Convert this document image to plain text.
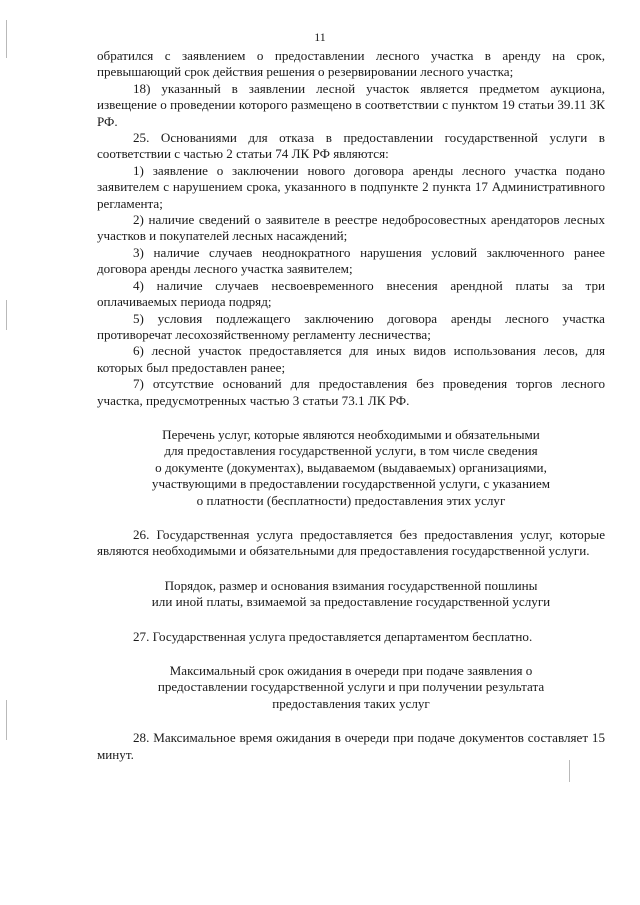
11

обратился с заявлением о предоставлении лесного участка в аренду на срок, превышающий срок действия решения о резервировании лесного участка;

18) указанный в заявлении лесной участок является предметом аукциона, извещение о проведении которого размещено в соответствии с пунктом 19 статьи 39.11 ЗК РФ.

25. Основаниями для отказа в предоставлении государственной услуги в соответствии с частью 2 статьи 74 ЛК РФ являются:

1) заявление о заключении нового договора аренды лесного участка подано заявителем с нарушением срока, указанного в подпункте 2 пункта 17 Административного регламента;

2) наличие сведений о заявителе в реестре недобросовестных арендаторов лесных участков и покупателей лесных насаждений;

3) наличие случаев неоднократного нарушения условий заключенного ранее договора аренды лесного участка заявителем;

4) наличие случаев несвоевременного внесения арендной платы за три оплачиваемых периода подряд;

5) условия подлежащего заключению договора аренды лесного участка противоречат лесохозяйственному регламенту лесничества;

6) лесной участок предоставляется для иных видов использования лесов, для которых был предоставлен ранее;

7) отсутствие оснований для предоставления без проведения торгов лесного участка, предусмотренных частью 3 статьи 73.1 ЛК РФ.

Перечень услуг, которые являются необходимыми и обязательными
для предоставления государственной услуги, в том числе сведения
о документе (документах), выдаваемом (выдаваемых) организациями,
участвующими в предоставлении государственной услуги, с указанием
о платности (бесплатности) предоставления этих услуг

26. Государственная услуга предоставляется без предоставления услуг, которые являются необходимыми и обязательными для предоставления государственной услуги.

Порядок, размер и основания взимания государственной пошлины
или иной платы, взимаемой за предоставление государственной услуги

27. Государственная услуга предоставляется департаментом бесплатно.

Максимальный срок ожидания в очереди при подаче заявления о
предоставлении государственной услуги и при получении результата
предоставления таких услуг

28. Максимальное время ожидания в очереди при подаче документов составляет 15 минут.
